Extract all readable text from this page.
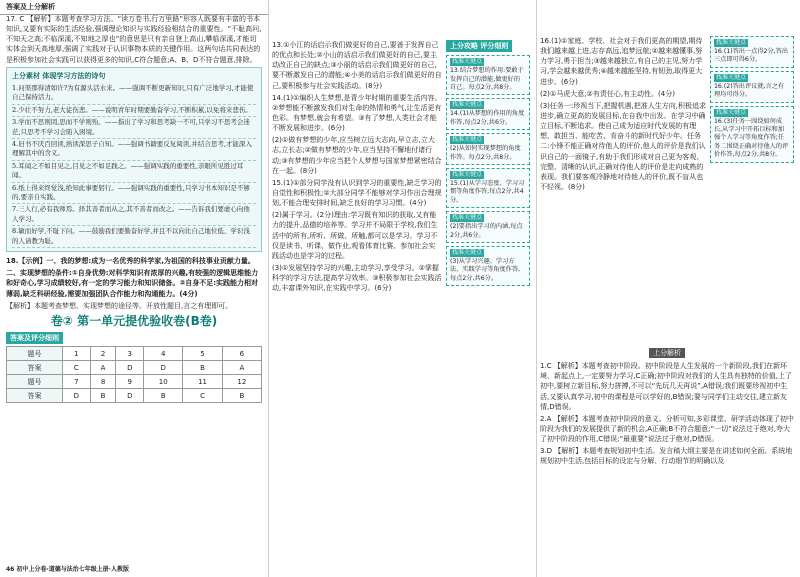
答案及上分解析

17. C 【解析】本题考查学习方法。“读万卷书,行万里路”形容人既要有丰富的书本知识,又要有实际的生活经验,强调理论知识与实践经验相结合的重要性。“不耻高问,不知天之高;不临深溪,不知地之厚也”的意思是只有亲自登上高山,攀临深溪,才能切实体会到天高地厚,强调了实践对于认识事物本质的关键作用。这两句话共同表达的是积极参加社会实践可以获得更多的知识,C符合题意;A、B、D不符合题意,排除。

上分素材 体现学习方法的诗句
1.问渠那得清如许?为有源头活水来。——强调不断更新知识,只有广泛地学习,才能使自己保持活力。
2.少壮不努力,老大徒伤悲。——说明青年时期要勤奋学习,不断积累,以免将来悲伤。
3.学而不思则罔,思而不学则殆。——指出了学习和思考缺一不可,只学习不思考会迷茫,只思考不学习会陷入困境。
4.旧书不厌百回读,熟读深思子自知。——强调书籍要反复阅读,并结合思考,才能深入理解其中的含义。
5.耳闻之不如目见之,目见之不如足践之。——强调实践的重要性,亲眼所见胜过耳闻。
6.纸上得来终觉浅,绝知此事要躬行。——强调实践的重要性,只学习书本知识是不够的,要亲自实践。
7.三人行,必有我师焉。择其善者而从之,其不善者而改之。——告诉我们要虚心向他人学习。
8.敏而好学,不耻下问。——鼓励我们要勤奋好学,并且不以向比自己地位低、学识浅的人请教为耻。

18.【示例】一、我的梦想:成为一名优秀的科学家,为祖国的科技事业贡献力量。

二、实现梦想的条件:①自身优势:对科学知识有浓厚的兴趣,有较强的逻辑思维能力和好奇心,学习成绩较好,有一定的学习能力和知识储备。②自身不足:实践能力相对薄弱,缺乏科研经验,需要加强团队合作能力和沟通能力。(4分)

【解析】本题考查梦想、实现梦想的途径等。开放性题目,言之有理即可。

卷② 第一单元提优验收卷(B卷)
答案及评分细则
题号	1	2	3	4	5	6
答案	C	A	D	D	B	A
题号	7	8	9	10	11	12
答案	D	B	D	B	C	B
46 初中上分卷·道德与法治七年级上册·人教版

13.①小江的话启示我们做更好的自己,要善于发挥自己的优点和长处;②小山的话启示我们做更好的自己,要主动改正自己的缺点;③小丽的话启示我们做更好的自己,要不断激发自己的潜能;④小美的话启示我们做更好的自己,要积极参与社会实践活动。(8分)

14.(1)①编织人生梦想,是青少年时期的重要生活内容。②梦想能不断激发我们对生命的热情和勇气,让生活更有色彩。有梦想,就会有希望。③有了梦想,人类社会才能不断发展和进步。(6分)

(2)①做有梦想的少年,应当树立远大志向,早立志,立大志,立长志;②做有梦想的少年,应当坚持不懈地付诸行动;③有梦想的少年应当把个人梦想与国家梦想紧密结合在一起。(8分)

15.(1)①部分同学没有认识到学习的重要性,缺乏学习的自觉性和积极性;②大部分同学不能够对学习作出合理规划,不能合理安排时间,缺乏良好的学习习惯。(4分)

(2)属于学习。(2分)理由:学习既有知识的获取,又有能力的提升,品德的培养等。学习并不局限于学校,我们生活中的所有,所听、所做、所触,都可以是学习。学习不仅是读书、听课、做作业,观看体育比赛、参加社会实践活动也是学习的过程。

(3)①发展坚持学习的兴趣,主动学习,享受学习。②掌握科学的学习方法,提高学习效率。③积极参加社会实践活动,丰富课外知识,在实践中学习。(6分)

上分攻略 评分细则
找准关键点
13.结合梦想的作用:要敢于发挥自己的潜能,做更好的自己。每点2分,共8分。
找准关键点
14.(1)从梦想的作用的角度作答,每点2分,共6分。
找准关键点
(2)从如何实现梦想的角度作答。每点2分,共8分。
找准关键点
15.(1)从学习态度、学习习惯等角度作答,每点2分,共4分。
找准关键点
(2)要指出学习的内涵,每点2分,共6分。
找准关键点
(3)从学习兴趣、学习方法、实践学习等角度作答,每点2分,共6分。

16.(1)①家庭、学校、社会对于我们更高的期望,期待我们越来越上进,志存高远,追梦远航;②越来越懂事,努力学习,勇于担当;③越来越独立,有自己的主见,努力学习,学会越来越优秀;④越来越能坚持,有韧劲,取得更大进步。(6分)

(2)①马虎大意;②有责任心,有主动性。(4分)

(3)任务一:珍视当下,把握机遇,把准人生方向,积极追求进步,确立更高的发展目标,在自我中出发。在学习中确立目标,不断追求。使自己成为适应时代发展的有理想、敢担当、能吃苦、肯奋斗的新时代好少年。任务二:小锋不能正确对待他人的评价,他人的评价是我们认识自己的一面镜子,有助于我们形成对自己更为客观、完整、清晰的认识,正确对待他人的评价是走向成熟的表现。我们要客观冷静地对待他人的评价,既不盲从也不轻视。(8分)

找准关键点
16.(1)答出一点得2分,答出三点即可得6分。
找准关键点
16.(2)答出评议就,言之有理均可得分。
找准关键点
16.(3)任务一围绕如何成长,从学习中开拓目标和加强个人学习等角度作答;任务二围绕正确对待他人的评价作答,每点2分,共8分。
上分解析

1.C 【解析】本题考查初中阶段。初中阶段是人生发展的一个新阶段,我们在新环境、新起点上,一定要努力学习,C正确;初中阶段对我们的人生具有独特的价值,上了初中,要树立新目标,努力拼搏,不可以“先玩几天再说”,A错误;我们既要珍视初中生活,又要认真学习,初中的课程是可以学好的,B错误;要与同学们主动交往,建立新友情,D错误。

2.A 【解析】本题考查初中阶段的意义。分析可知,多彩课堂、研学活动体现了初中阶段为我们的发展提供了新的机会,A正确;B不符合题意;“一切”说法过于绝对,夸大了初中阶段的作用,C错误;“最重要”说法过于绝对,D错误。

3.D 【解析】本题考查规划初中生活。发言稿大纲主要是在讲述如何全面、系统地规划初中生活,包括目标的设定与分解、行动细节的明确以及
